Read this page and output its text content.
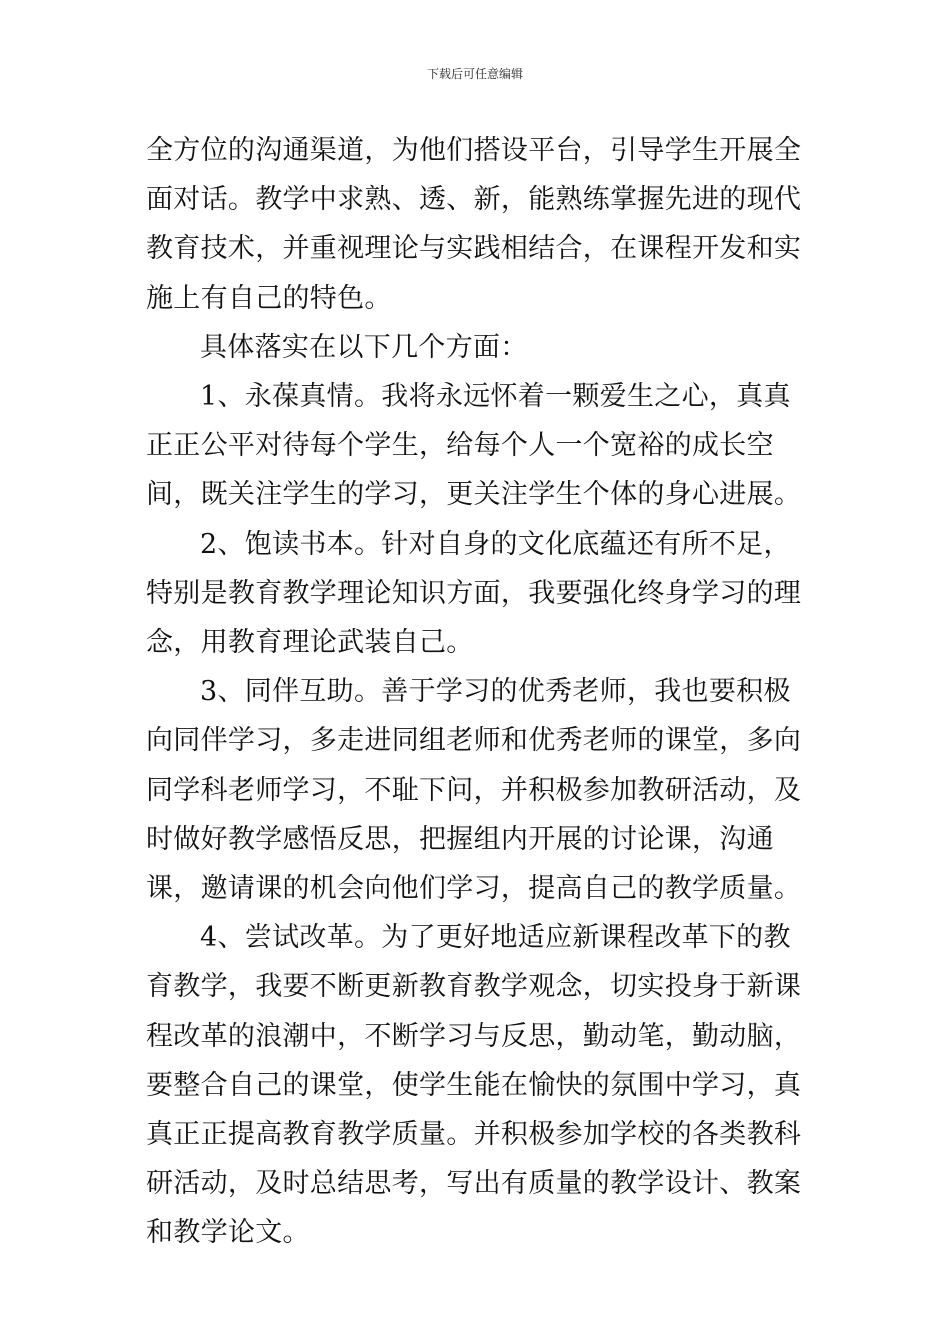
下载后可任意编辑

全方位的沟通渠道，为他们搭设平台，引导学生开展全面对话。教学中求熟、透、新，能熟练掌握先进的现代教育技术，并重视理论与实践相结合，在课程开发和实施上有自己的特色。

具体落实在以下几个方面：

1、永葆真情。我将永远怀着一颗爱生之心，真真正正公平对待每个学生，给每个人一个宽裕的成长空间，既关注学生的学习，更关注学生个体的身心进展。

2、饱读书本。针对自身的文化底蕴还有所不足，特别是教育教学理论知识方面，我要强化终身学习的理念，用教育理论武装自己。

3、同伴互助。善于学习的优秀老师，我也要积极向同伴学习，多走进同组老师和优秀老师的课堂，多向同学科老师学习，不耻下问，并积极参加教研活动，及时做好教学感悟反思，把握组内开展的讨论课，沟通课，邀请课的机会向他们学习，提高自己的教学质量。

4、尝试改革。为了更好地适应新课程改革下的教育教学，我要不断更新教育教学观念，切实投身于新课程改革的浪潮中，不断学习与反思，勤动笔，勤动脑，要整合自己的课堂，使学生能在愉快的氛围中学习，真真正正提高教育教学质量。并积极参加学校的各类教科研活动，及时总结思考，写出有质量的教学设计、教案和教学论文。
